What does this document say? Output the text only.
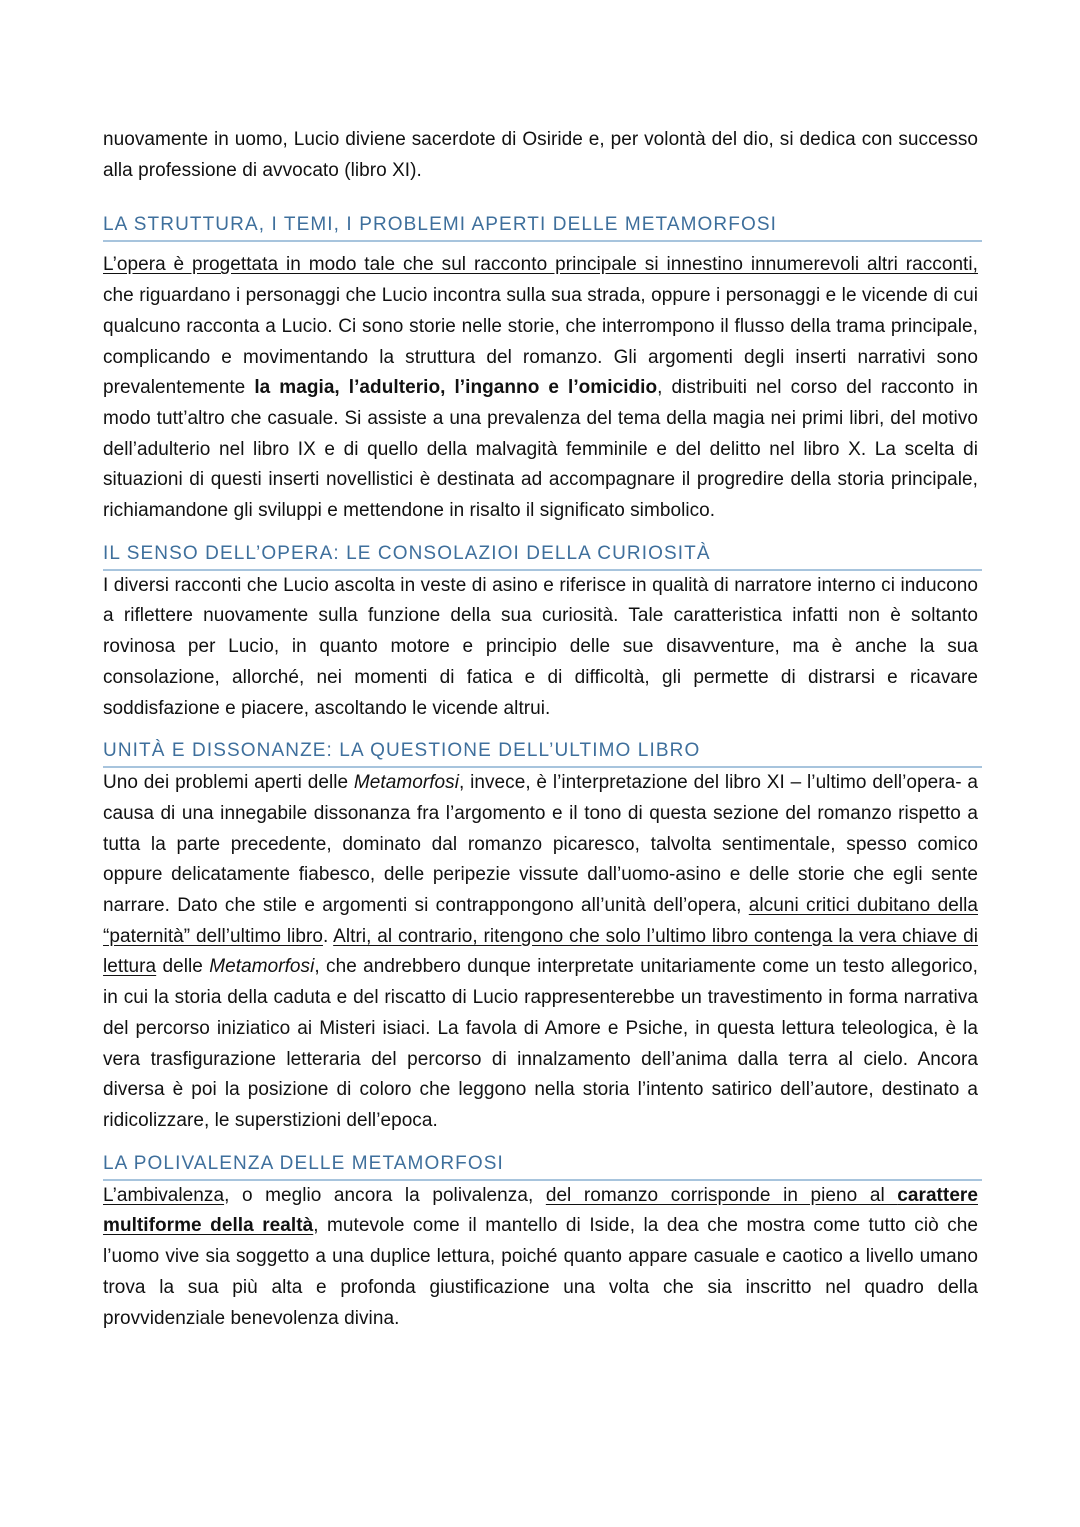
nuovamente in uomo, Lucio diviene sacerdote di Osiride e, per volontà del dio, si dedica con successo alla professione di avvocato (libro XI).

LA STRUTTURA, I TEMI, I PROBLEMI APERTI DELLE METAMORFOSI

L’opera è progettata in modo tale che sul racconto principale si innestino innumerevoli altri racconti, che riguardano i personaggi che Lucio incontra sulla sua strada, oppure i personaggi e le vicende di cui qualcuno racconta a Lucio. Ci sono storie nelle storie, che interrompono il flusso della trama principale, complicando e movimentando la struttura del romanzo. Gli argomenti degli inserti narrativi sono prevalentemente la magia, l’adulterio, l’inganno e l’omicidio, distribuiti nel corso del racconto in modo tutt’altro che casuale. Si assiste a una prevalenza del tema della magia nei primi libri, del motivo dell’adulterio nel libro IX e di quello della malvagità femminile e del delitto nel libro X. La scelta di situazioni di questi inserti novellistici è destinata ad accompagnare il progredire della storia principale, richiamandone gli sviluppi e mettendone in risalto il significato simbolico.

IL SENSO DELL’OPERA: LE CONSOLAZIOI DELLA CURIOSITÀ

I diversi racconti che Lucio ascolta in veste di asino e riferisce in qualità di narratore interno ci inducono a riflettere nuovamente sulla funzione della sua curiosità. Tale caratteristica infatti non è soltanto rovinosa per Lucio, in quanto motore e principio delle sue disavventure, ma è anche la sua consolazione, allorché, nei momenti di fatica e di difficoltà, gli permette di distrarsi e ricavare soddisfazione e piacere, ascoltando le vicende altrui.

UNITÀ E DISSONANZE: LA QUESTIONE DELL’ULTIMO LIBRO

Uno dei problemi aperti delle Metamorfosi, invece, è l’interpretazione del libro XI – l’ultimo dell’opera- a causa di una innegabile dissonanza fra l’argomento e il tono di questa sezione del romanzo rispetto a tutta la parte precedente, dominato dal romanzo picaresco, talvolta sentimentale, spesso comico oppure delicatamente fiabesco, delle peripezie vissute dall’uomo-asino e delle storie che egli sente narrare. Dato che stile e argomenti si contrappongono all’unità dell’opera, alcuni critici dubitano della “paternità” dell’ultimo libro. Altri, al contrario, ritengono che solo l’ultimo libro contenga la vera chiave di lettura delle Metamorfosi, che andrebbero dunque interpretate unitariamente come un testo allegorico, in cui la storia della caduta e del riscatto di Lucio rappresenterebbe un travestimento in forma narrativa del percorso iniziatico ai Misteri isiaci. La favola di Amore e Psiche, in questa lettura teleologica, è la vera trasfigurazione letteraria del percorso di innalzamento dell’anima dalla terra al cielo. Ancora diversa è poi la posizione di coloro che leggono nella storia l’intento satirico dell’autore, destinato a ridicolizzare, le superstizioni dell’epoca.

LA POLIVALENZA DELLE METAMORFOSI

L’ambivalenza, o meglio ancora la polivalenza, del romanzo corrisponde in pieno al carattere multiforme della realtà, mutevole come il mantello di Iside, la dea che mostra come tutto ciò che l’uomo vive sia soggetto a una duplice lettura, poiché quanto appare casuale e caotico a livello umano trova la sua più alta e profonda giustificazione una volta che sia inscritto nel quadro della provvidenziale benevolenza divina.
